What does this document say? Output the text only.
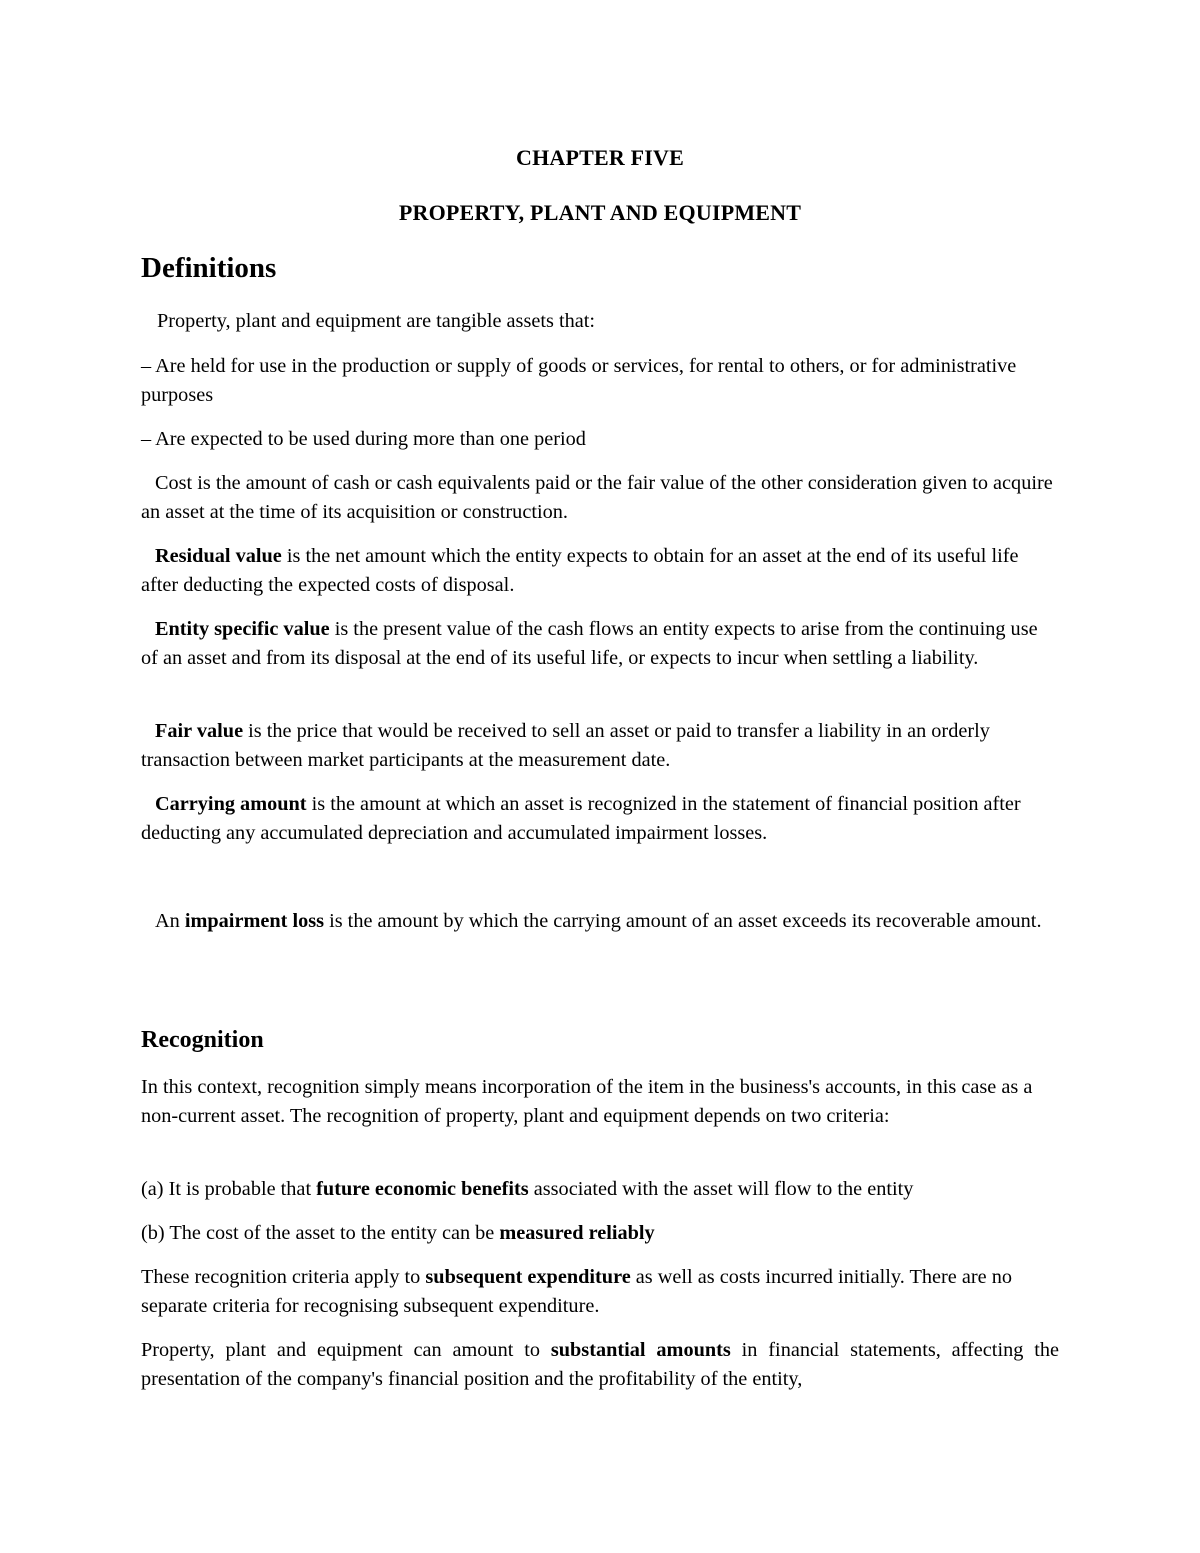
CHAPTER FIVE
PROPERTY, PLANT AND EQUIPMENT
Definitions

Property, plant and equipment are tangible assets that:

– Are held for use in the production or supply of goods or services, for rental to others, or for administrative purposes

– Are expected to be used during more than one period

Cost is the amount of cash or cash equivalents paid or the fair value of the other consideration given to acquire an asset at the time of its acquisition or construction.

Residual value is the net amount which the entity expects to obtain for an asset at the end of its useful life after deducting the expected costs of disposal.

Entity specific value is the present value of the cash flows an entity expects to arise from the continuing use of an asset and from its disposal at the end of its useful life, or expects to incur when settling a liability.

Fair value is the price that would be received to sell an asset or paid to transfer a liability in an orderly transaction between market participants at the measurement date.

Carrying amount is the amount at which an asset is recognized in the statement of financial position after deducting any accumulated depreciation and accumulated impairment losses.

An impairment loss is the amount by which the carrying amount of an asset exceeds its recoverable amount.

Recognition

In this context, recognition simply means incorporation of the item in the business's accounts, in this case as a non-current asset. The recognition of property, plant and equipment depends on two criteria:

(a) It is probable that future economic benefits associated with the asset will flow to the entity

(b) The cost of the asset to the entity can be measured reliably

These recognition criteria apply to subsequent expenditure as well as costs incurred initially. There are no separate criteria for recognising subsequent expenditure.

Property, plant and equipment can amount to substantial amounts in financial statements, affecting the presentation of the company's financial position and the profitability of the entity,
